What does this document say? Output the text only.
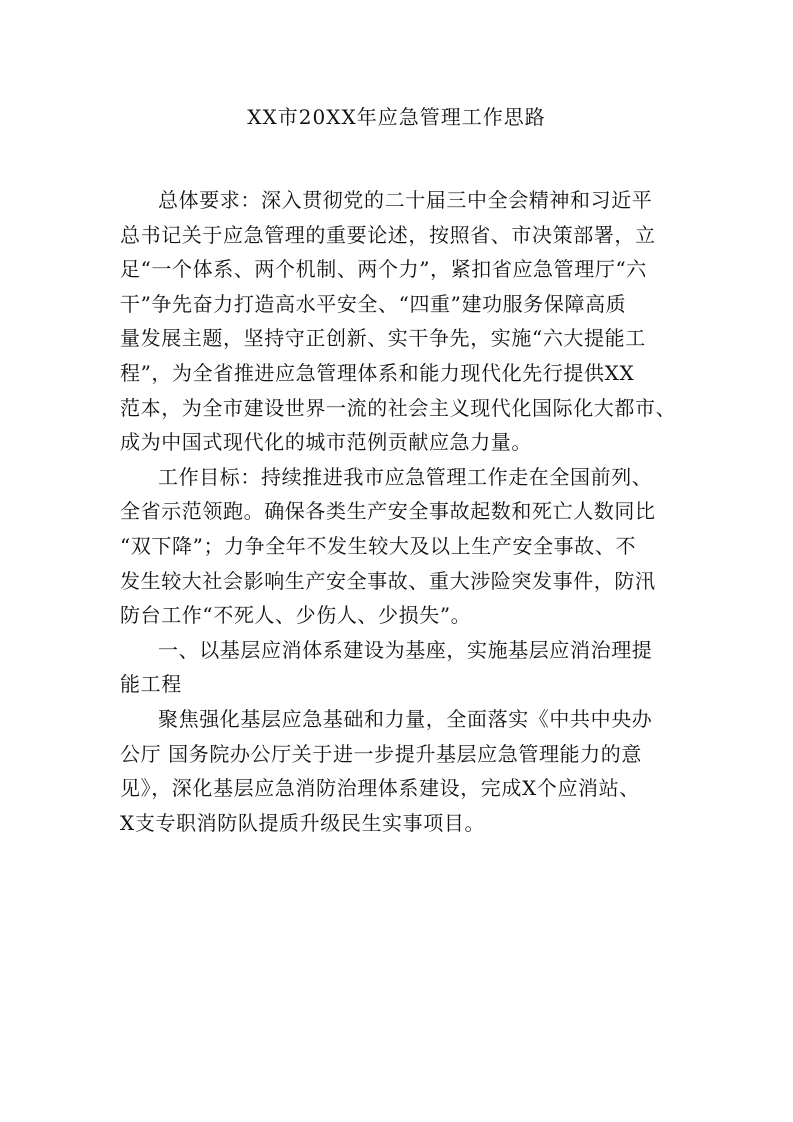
XX市20XX年应急管理工作思路
总体要求：深入贯彻党的二十届三中全会精神和习近平
总书记关于应急管理的重要论述，按照省、市决策部署，立
足“一个体系、两个机制、两个力”，紧扣省应急管理厅“六
干”争先奋力打造高水平安全、“四重”建功服务保障高质
量发展主题，坚持守正创新、实干争先，实施“六大提能工
程”，为全省推进应急管理体系和能力现代化先行提供XX
范本，为全市建设世界一流的社会主义现代化国际化大都市、
成为中国式现代化的城市范例贡献应急力量。
工作目标：持续推进我市应急管理工作走在全国前列、
全省示范领跑。确保各类生产安全事故起数和死亡人数同比
“双下降”；力争全年不发生较大及以上生产安全事故、不
发生较大社会影响生产安全事故、重大涉险突发事件，防汛
防台工作“不死人、少伤人、少损失”。
一、以基层应消体系建设为基座，实施基层应消治理提
能工程
聚焦强化基层应急基础和力量，全面落实《中共中央办
公厅 国务院办公厅关于进一步提升基层应急管理能力的意
见》，深化基层应急消防治理体系建设，完成X个应消站、
X支专职消防队提质升级民生实事项目。
